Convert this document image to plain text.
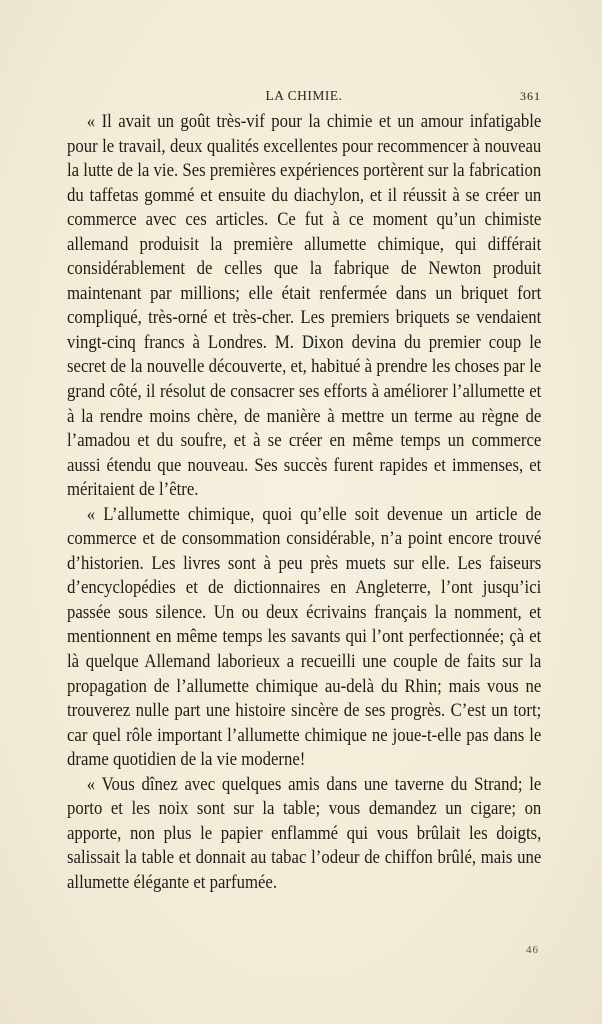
LA CHIMIE.	361

« Il avait un goût très-vif pour la chimie et un amour infatigable pour le travail, deux qualités excellentes pour recommencer à nouveau la lutte de la vie. Ses premières expériences portèrent sur la fabrication du taffetas gommé et ensuite du diachylon, et il réussit à se créer un commerce avec ces articles. Ce fut à ce moment qu’un chimiste allemand produisit la première allumette chimique, qui différait considérablement de celles que la fabrique de Newton produit maintenant par millions; elle était renfermée dans un briquet fort compliqué, très-orné et très-cher. Les premiers briquets se vendaient vingt-cinq francs à Londres. M. Dixon devina du premier coup le secret de la nouvelle découverte, et, habitué à prendre les choses par le grand côté, il résolut de consacrer ses efforts à améliorer l’allumette et à la rendre moins chère, de manière à mettre un terme au règne de l’amadou et du soufre, et à se créer en même temps un commerce aussi étendu que nouveau. Ses succès furent rapides et immenses, et méritaient de l’être.

« L’allumette chimique, quoi qu’elle soit devenue un article de commerce et de consommation considérable, n’a point encore trouvé d’historien. Les livres sont à peu près muets sur elle. Les faiseurs d’encyclopédies et de dictionnaires en Angleterre, l’ont jusqu’ici passée sous silence. Un ou deux écrivains français la nomment, et mentionnent en même temps les savants qui l’ont perfectionnée; çà et là quelque Allemand laborieux a recueilli une couple de faits sur la propagation de l’allumette chimique au-delà du Rhin; mais vous ne trouverez nulle part une histoire sincère de ses progrès. C’est un tort; car quel rôle important l’allumette chimique ne joue-t-elle pas dans le drame quotidien de la vie moderne!

« Vous dînez avec quelques amis dans une taverne du Strand; le porto et les noix sont sur la table; vous demandez un cigare; on apporte, non plus le papier enflammé qui vous brûlait les doigts, salissait la table et donnait au tabac l’odeur de chiffon brûlé, mais une allumette élégante et parfumée.

46
